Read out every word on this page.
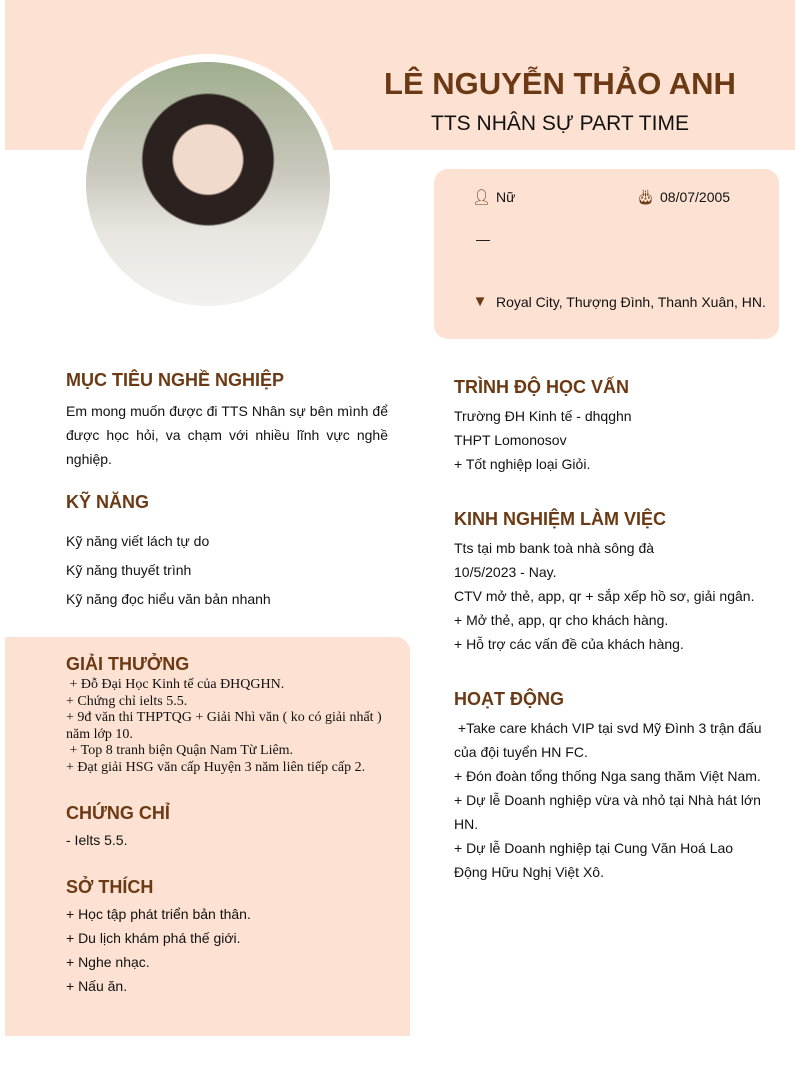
LÊ NGUYỄN THẢO ANH
TTS NHÂN SỰ PART TIME
👤︎ Nữ	🎂︎ 08/07/2005
—
▼ Royal City, Thượng Đình, Thanh Xuân, HN.
MỤC TIÊU NGHỀ NGHIỆP

Em mong muốn được đi TTS Nhân sự bên mình để được học hỏi, va chạm với nhiều lĩnh vực nghề nghiệp.

KỸ NĂNG

Kỹ năng viết lách tự do

Kỹ năng thuyết trình

Kỹ năng đọc hiểu văn bản nhanh

GIẢI THƯỞNG

+ Đỗ Đại Học Kinh tế của ĐHQGHN.

+ Chứng chỉ ielts 5.5.

+ 9đ văn thi THPTQG + Giải Nhì văn ( ko có giải nhất ) năm lớp 10.

+ Top 8 tranh biện Quận Nam Từ Liêm.

+ Đạt giải HSG văn cấp Huyện 3 năm liên tiếp cấp 2.

CHỨNG CHỈ

- Ielts 5.5.

SỞ THÍCH

+ Học tập phát triển bản thân.

+ Du lịch khám phá thế giới.

+ Nghe nhạc.

+ Nấu ăn.

TRÌNH ĐỘ HỌC VẤN

Trường ĐH Kinh tế - dhqghn

THPT Lomonosov

+ Tốt nghiệp loại Giỏi.

KINH NGHIỆM LÀM VIỆC

Tts tại mb bank toà nhà sông đà

10/5/2023 - Nay.

CTV mở thẻ, app, qr + sắp xếp hồ sơ, giải ngân.

+ Mở thẻ, app, qr cho khách hàng.

+ Hỗ trợ các vấn đề của khách hàng.

HOẠT ĐỘNG

+Take care khách VIP tại svd Mỹ Đình 3 trận đấu của đội tuyển HN FC.

+ Đón đoàn tổng thống Nga sang thăm Việt Nam.

+ Dự lễ Doanh nghiệp vừa và nhỏ tại Nhà hát lớn HN.

+ Dự lễ Doanh nghiệp tại Cung Văn Hoá Lao Động Hữu Nghị Việt Xô.
